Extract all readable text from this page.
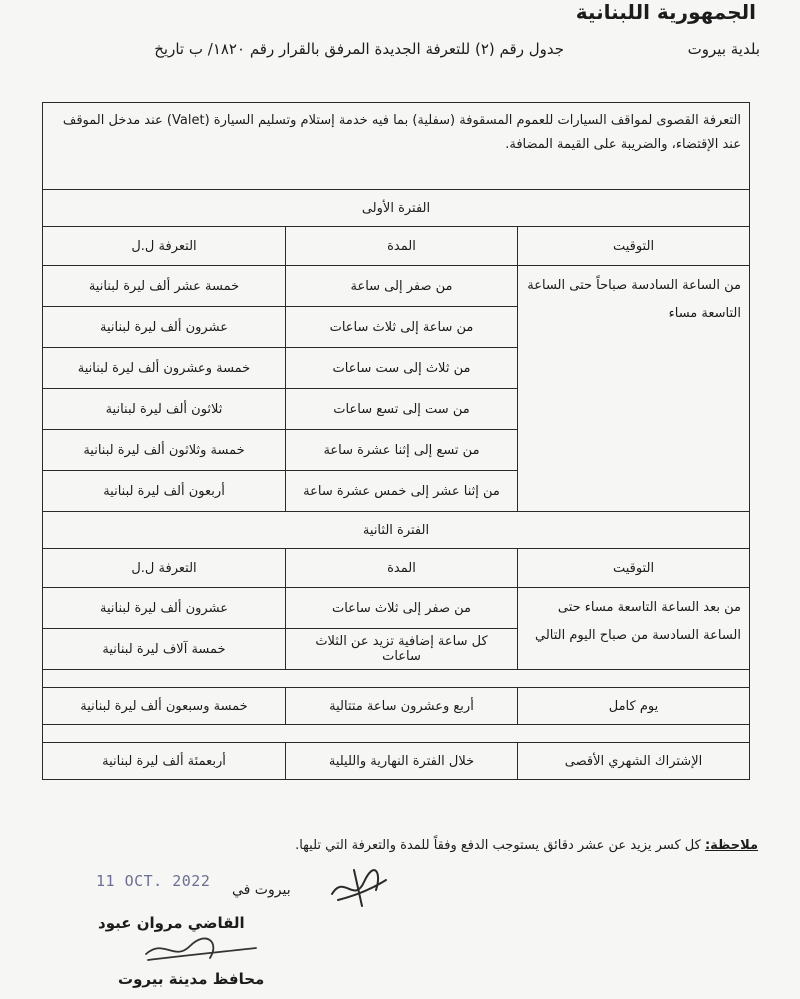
الجمهورية اللبنانية
بلدية بيروت
جدول رقم (٢) للتعرفة الجديدة المرفق بالقرار رقم ١٨٢٠/ ب تاريخ
التعرفة القصوى لمواقف السيارات للعموم المسقوفة (سفلية) بما فيه خدمة إستلام وتسليم السيارة (Valet) عند مدخل الموقف عند الإقتضاء، والضريبة على القيمة المضافة.		
الفترة الأولى		
التوقيت	المدة	التعرفة ل.ل
من الساعة السادسة صباحاً حتى الساعة التاسعة مساء	من صفر إلى ساعة	خمسة عشر ألف ليرة لبنانية
	من ساعة إلى ثلاث ساعات	عشرون ألف ليرة لبنانية
	من ثلاث إلى ست ساعات	خمسة وعشرون ألف ليرة لبنانية
	من ست إلى تسع ساعات	ثلاثون ألف ليرة لبنانية
	من تسع إلى إثنا عشرة ساعة	خمسة وثلاثون ألف ليرة لبنانية
	من إثنا عشر إلى خمس عشرة ساعة	أربعون ألف ليرة لبنانية
الفترة الثانية		
التوقيت	المدة	التعرفة ل.ل
من بعد الساعة التاسعة مساء حتى الساعة السادسة من صباح اليوم التالي	من صفر إلى ثلاث ساعات	عشرون ألف ليرة لبنانية
	كل ساعة إضافية تزيد عن الثلاث ساعات	خمسة آلاف ليرة لبنانية

يوم كامل	أربع وعشرون ساعة متتالية	خمسة وسبعون ألف ليرة لبنانية

الإشتراك الشهري الأقصى	خلال الفترة النهارية والليلية	أربعمئة ألف ليرة لبنانية
ملاحظة: كل كسر يزيد عن عشر دقائق يستوجب الدفع وفقاً للمدة والتعرفة التي تليها.
11 OCT. 2022 بيروت في
القاضي مروان عبود
محافظ مدينة بيروت
